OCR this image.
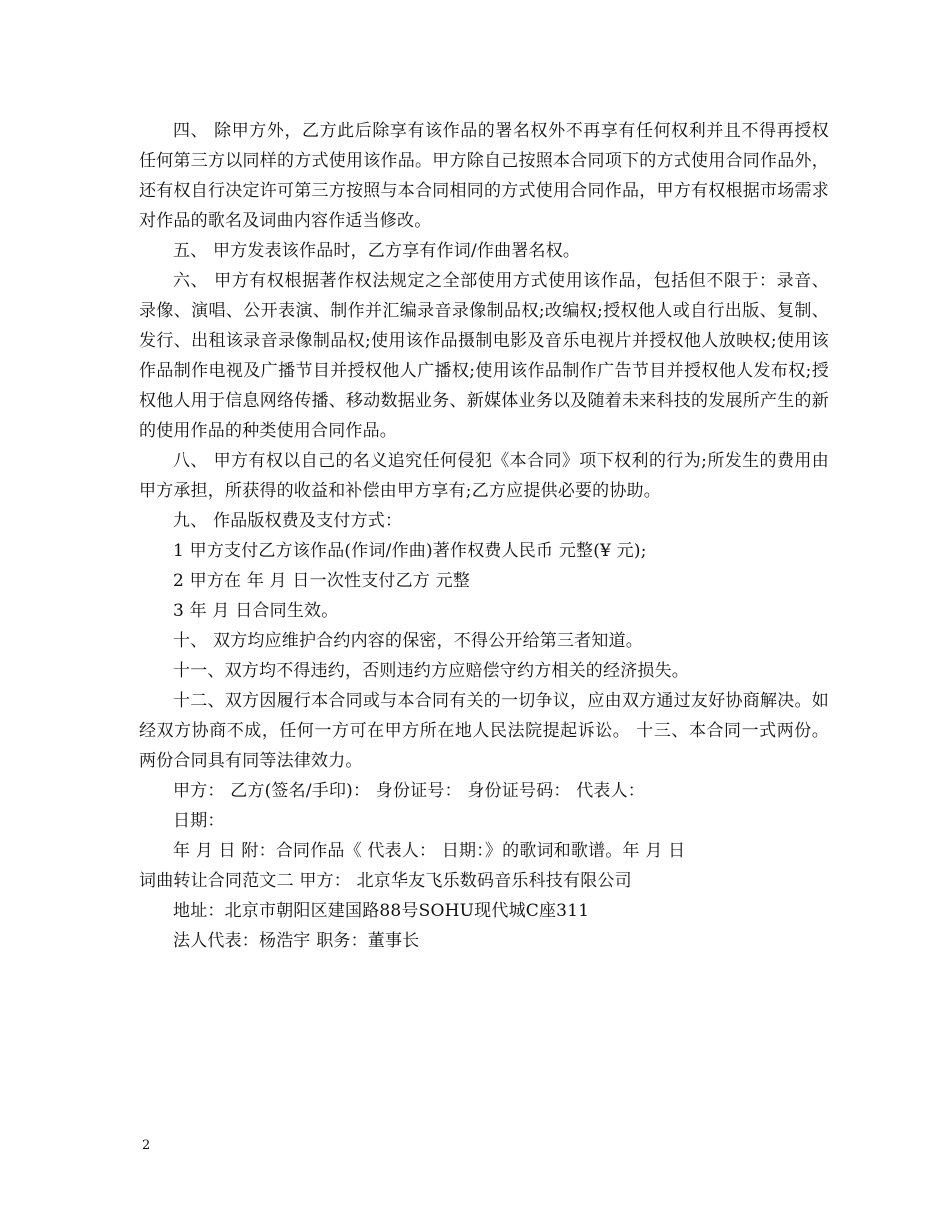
四、 除甲方外，乙方此后除享有该作品的署名权外不再享有任何权利并且不得再授权任何第三方以同样的方式使用该作品。甲方除自己按照本合同项下的方式使用合同作品外，还有权自行决定许可第三方按照与本合同相同的方式使用合同作品，甲方有权根据市场需求对作品的歌名及词曲内容作适当修改。

五、 甲方发表该作品时，乙方享有作词/作曲署名权。

六、 甲方有权根据著作权法规定之全部使用方式使用该作品，包括但不限于：录音、录像、演唱、公开表演、制作并汇编录音录像制品权;改编权;授权他人或自行出版、复制、发行、出租该录音录像制品权;使用该作品摄制电影及音乐电视片并授权他人放映权;使用该作品制作电视及广播节目并授权他人广播权;使用该作品制作广告节目并授权他人发布权;授权他人用于信息网络传播、移动数据业务、新媒体业务以及随着未来科技的发展所产生的新的使用作品的种类使用合同作品。

八、 甲方有权以自己的名义追究任何侵犯《本合同》项下权利的行为;所发生的费用由甲方承担，所获得的收益和补偿由甲方享有;乙方应提供必要的协助。

九、 作品版权费及支付方式：

1 甲方支付乙方该作品(作词/作曲)著作权费人民币 元整(¥ 元);

2 甲方在 年 月 日一次性支付乙方 元整

3 年 月 日合同生效。

十、 双方均应维护合约内容的保密，不得公开给第三者知道。

十一、双方均不得违约，否则违约方应赔偿守约方相关的经济损失。

十二、双方因履行本合同或与本合同有关的一切争议，应由双方通过友好协商解决。如经双方协商不成，任何一方可在甲方所在地人民法院提起诉讼。 十三、本合同一式两份。两份合同具有同等法律效力。

甲方： 乙方(签名/手印)： 身份证号： 身份证号码： 代表人：

日期：

年 月 日 附：合同作品《 代表人： 日期：》的歌词和歌谱。年 月 日

词曲转让合同范文二 甲方： 北京华友飞乐数码音乐科技有限公司

地址：北京市朝阳区建国路88号SOHU现代城C座311

法人代表：杨浩宇 职务：董事长

2
